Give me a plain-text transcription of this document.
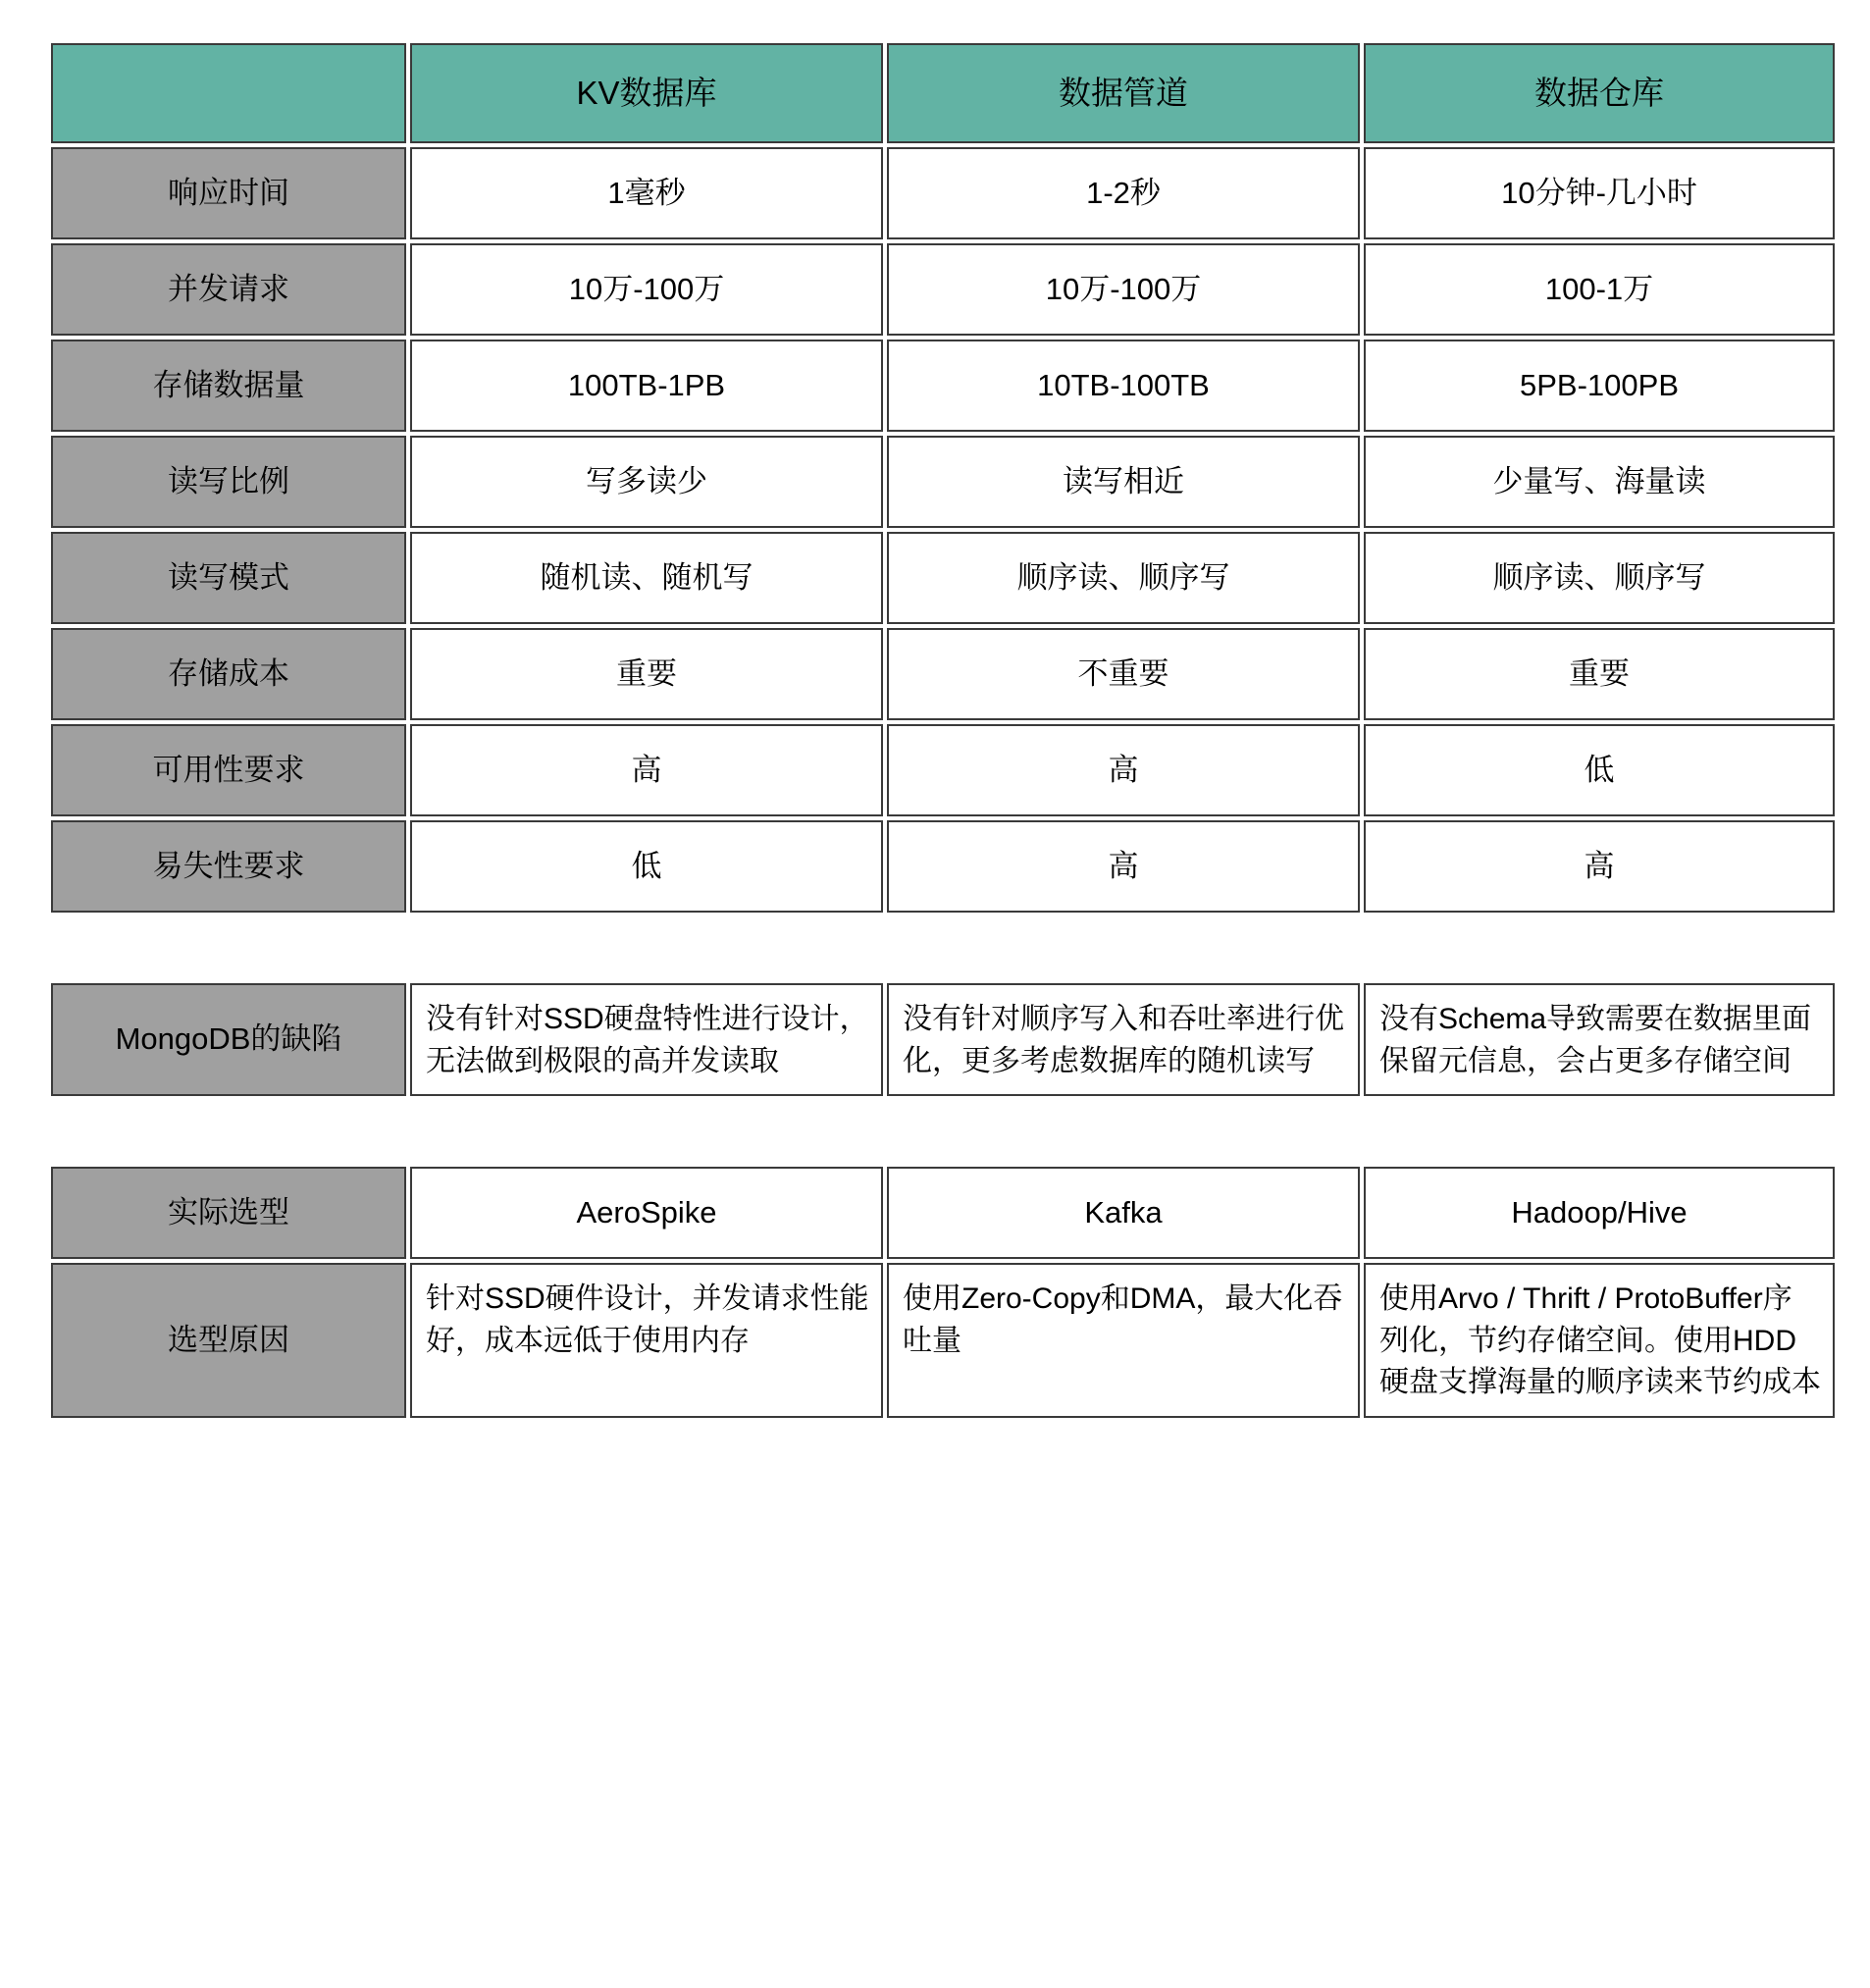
	KV数据库	数据管道	数据仓库
响应时间	1毫秒	1-2秒	10分钟-几小时
并发请求	10万-100万	10万-100万	100-1万
存储数据量	100TB-1PB	10TB-100TB	5PB-100PB
读写比例	写多读少	读写相近	少量写、海量读
读写模式	随机读、随机写	顺序读、顺序写	顺序读、顺序写
存储成本	重要	不重要	重要
可用性要求	高	高	低
易失性要求	低	高	高

MongoDB的缺陷	没有针对SSD硬盘特性进行设计，无法做到极限的高并发读取	没有针对顺序写入和吞吐率进行优化，更多考虑数据库的随机读写	没有Schema导致需要在数据里面保留元信息，会占更多存储空间

实际选型	AeroSpike	Kafka	Hadoop/Hive
选型原因	针对SSD硬件设计，并发请求性能好，成本远低于使用内存	使用Zero-Copy和DMA，最大化吞吐量	使用Arvo / Thrift / ProtoBuffer序列化，节约存储空间。使用HDD硬盘支撑海量的顺序读来节约成本
